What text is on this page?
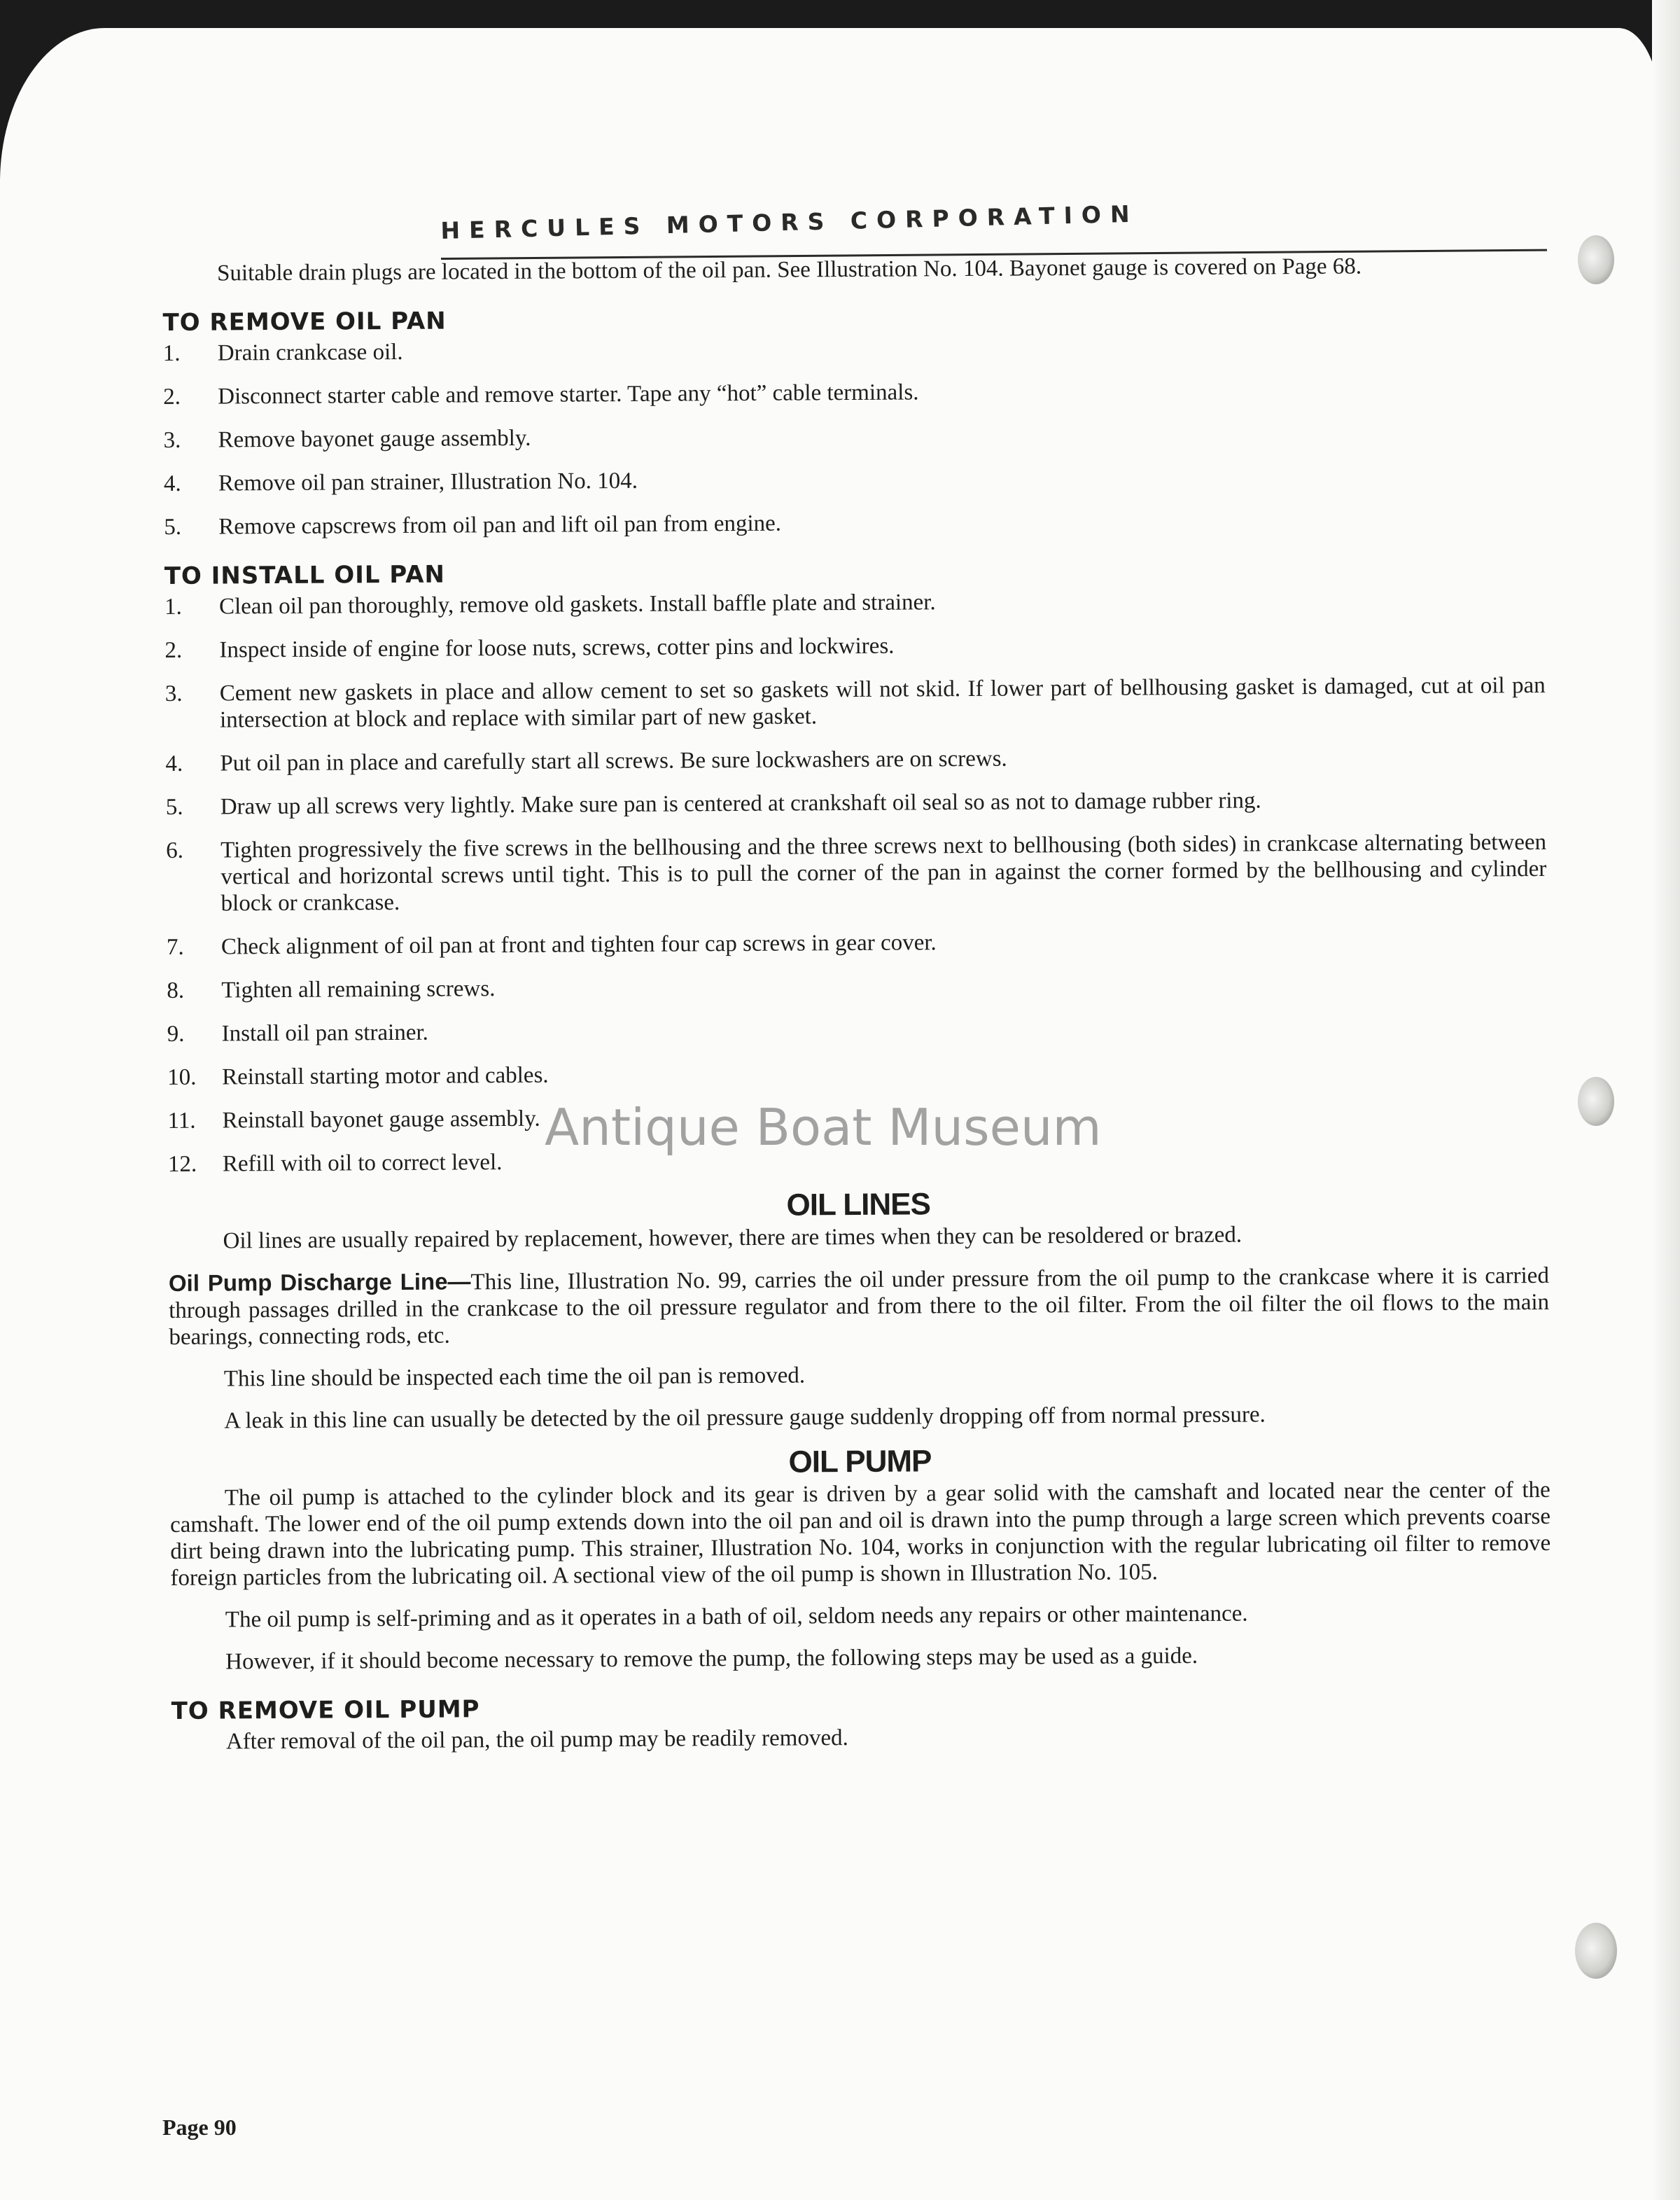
HERCULES MOTORS CORPORATION

Suitable drain plugs are located in the bottom of the oil pan. See Illustration No. 104. Bayonet gauge is covered on Page 68.

TO REMOVE OIL PAN
1.	Drain crankcase oil.
2.	Disconnect starter cable and remove starter. Tape any “hot” cable terminals.
3.	Remove bayonet gauge assembly.
4.	Remove oil pan strainer, Illustration No. 104.
5.	Remove capscrews from oil pan and lift oil pan from engine.
TO INSTALL OIL PAN
1.	Clean oil pan thoroughly, remove old gaskets. Install baffle plate and strainer.
2.	Inspect inside of engine for loose nuts, screws, cotter pins and lockwires.
3.	Cement new gaskets in place and allow cement to set so gaskets will not skid. If lower part of bellhousing gasket is damaged, cut at oil pan intersection at block and replace with similar part of new gasket.
4.	Put oil pan in place and carefully start all screws. Be sure lockwashers are on screws.
5.	Draw up all screws very lightly. Make sure pan is centered at crankshaft oil seal so as not to damage rubber ring.
6.	Tighten progressively the five screws in the bellhousing and the three screws next to bellhousing (both sides) in crankcase alternating between vertical and horizontal screws until tight. This is to pull the corner of the pan in against the corner formed by the bellhousing and cylinder block or crankcase.
7.	Check alignment of oil pan at front and tighten four cap screws in gear cover.
8.	Tighten all remaining screws.
9.	Install oil pan strainer.
10.	Reinstall starting motor and cables.
11.	Reinstall bayonet gauge assembly.
12.	Refill with oil to correct level.
OIL LINES

Oil lines are usually repaired by replacement, however, there are times when they can be resoldered or brazed.

Oil Pump Discharge Line—This line, Illustration No. 99, carries the oil under pressure from the oil pump to the crankcase where it is carried through passages drilled in the crankcase to the oil pressure regulator and from there to the oil filter. From the oil filter the oil flows to the main bearings, connecting rods, etc.

This line should be inspected each time the oil pan is removed.

A leak in this line can usually be detected by the oil pressure gauge suddenly dropping off from normal pressure.

OIL PUMP

The oil pump is attached to the cylinder block and its gear is driven by a gear solid with the camshaft and located near the center of the camshaft. The lower end of the oil pump extends down into the oil pan and oil is drawn into the pump through a large screen which prevents coarse dirt being drawn into the lubricating pump. This strainer, Illustration No. 104, works in conjunction with the regular lubricating oil filter to remove foreign particles from the lubricating oil. A sectional view of the oil pump is shown in Illustration No. 105.

The oil pump is self-priming and as it operates in a bath of oil, seldom needs any repairs or other maintenance.

However, if it should become necessary to remove the pump, the following steps may be used as a guide.

TO REMOVE OIL PUMP

After removal of the oil pan, the oil pump may be readily removed.

Page 90
Antique Boat Museum
